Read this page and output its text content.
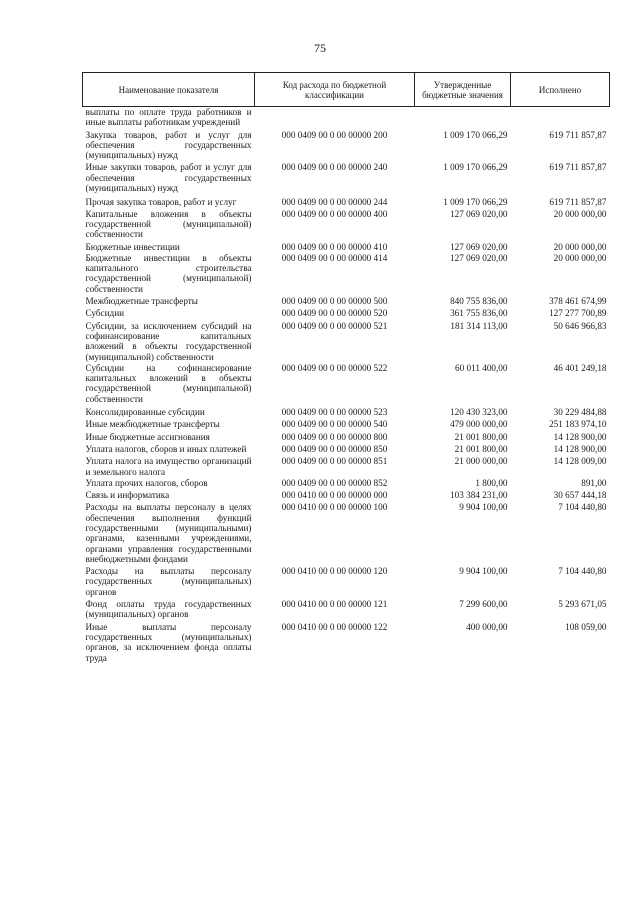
75
Наименование показателя	Код расхода по бюджетной классификации	Утвержденные бюджетные значения	Исполнено
выплаты по оплате труда работников и иные выплаты работникам учреждений			
Закупка товаров, работ и услуг для обеспечения государственных (муниципальных) нужд	000 0409 00 0 00 00000 200	1 009 170 066,29	619 711 857,87
Иные закупки товаров, работ и услуг для обеспечения государственных (муниципальных) нужд	000 0409 00 0 00 00000 240	1 009 170 066,29	619 711 857,87
Прочая закупка товаров, работ и услуг	000 0409 00 0 00 00000 244	1 009 170 066,29	619 711 857,87
Капитальные вложения в объекты государственной (муниципальной) собственности	000 0409 00 0 00 00000 400	127 069 020,00	20 000 000,00
Бюджетные инвестиции	000 0409 00 0 00 00000 410	127 069 020,00	20 000 000,00
Бюджетные инвестиции в объекты капитального строительства государственной (муниципальной) собственности	000 0409 00 0 00 00000 414	127 069 020,00	20 000 000,00
Межбюджетные трансферты	000 0409 00 0 00 00000 500	840 755 836,00	378 461 674,99
Субсидии	000 0409 00 0 00 00000 520	361 755 836,00	127 277 700,89
Субсидии, за исключением субсидий на софинансирование капитальных вложений в объекты государственной (муниципальной) собственности	000 0409 00 0 00 00000 521	181 314 113,00	50 646 966,83
Субсидии на софинансирование капитальных вложений в объекты государственной (муниципальной) собственности	000 0409 00 0 00 00000 522	60 011 400,00	46 401 249,18
Консолидированные субсидии	000 0409 00 0 00 00000 523	120 430 323,00	30 229 484,88
Иные межбюджетные трансферты	000 0409 00 0 00 00000 540	479 000 000,00	251 183 974,10
Иные бюджетные ассигнования	000 0409 00 0 00 00000 800	21 001 800,00	14 128 900,00
Уплата налогов, сборов и иных платежей	000 0409 00 0 00 00000 850	21 001 800,00	14 128 900,00
Уплата налога на имущество организаций и земельного налога	000 0409 00 0 00 00000 851	21 000 000,00	14 128 009,00
Уплата прочих налогов, сборов	000 0409 00 0 00 00000 852	1 800,00	891,00
Связь и информатика	000 0410 00 0 00 00000 000	103 384 231,00	30 657 444,18
Расходы на выплаты персоналу в целях обеспечения выполнения функций государственными (муниципальными) органами, казенными учреждениями, органами управления государственными внебюджетными фондами	000 0410 00 0 00 00000 100	9 904 100,00	7 104 440,80
Расходы на выплаты персоналу государственных (муниципальных) органов	000 0410 00 0 00 00000 120	9 904 100,00	7 104 440,80
Фонд оплаты труда государственных (муниципальных) органов	000 0410 00 0 00 00000 121	7 299 600,00	5 293 671,05
Иные выплаты персоналу государственных (муниципальных) органов, за исключением фонда оплаты труда	000 0410 00 0 00 00000 122	400 000,00	108 059,00
